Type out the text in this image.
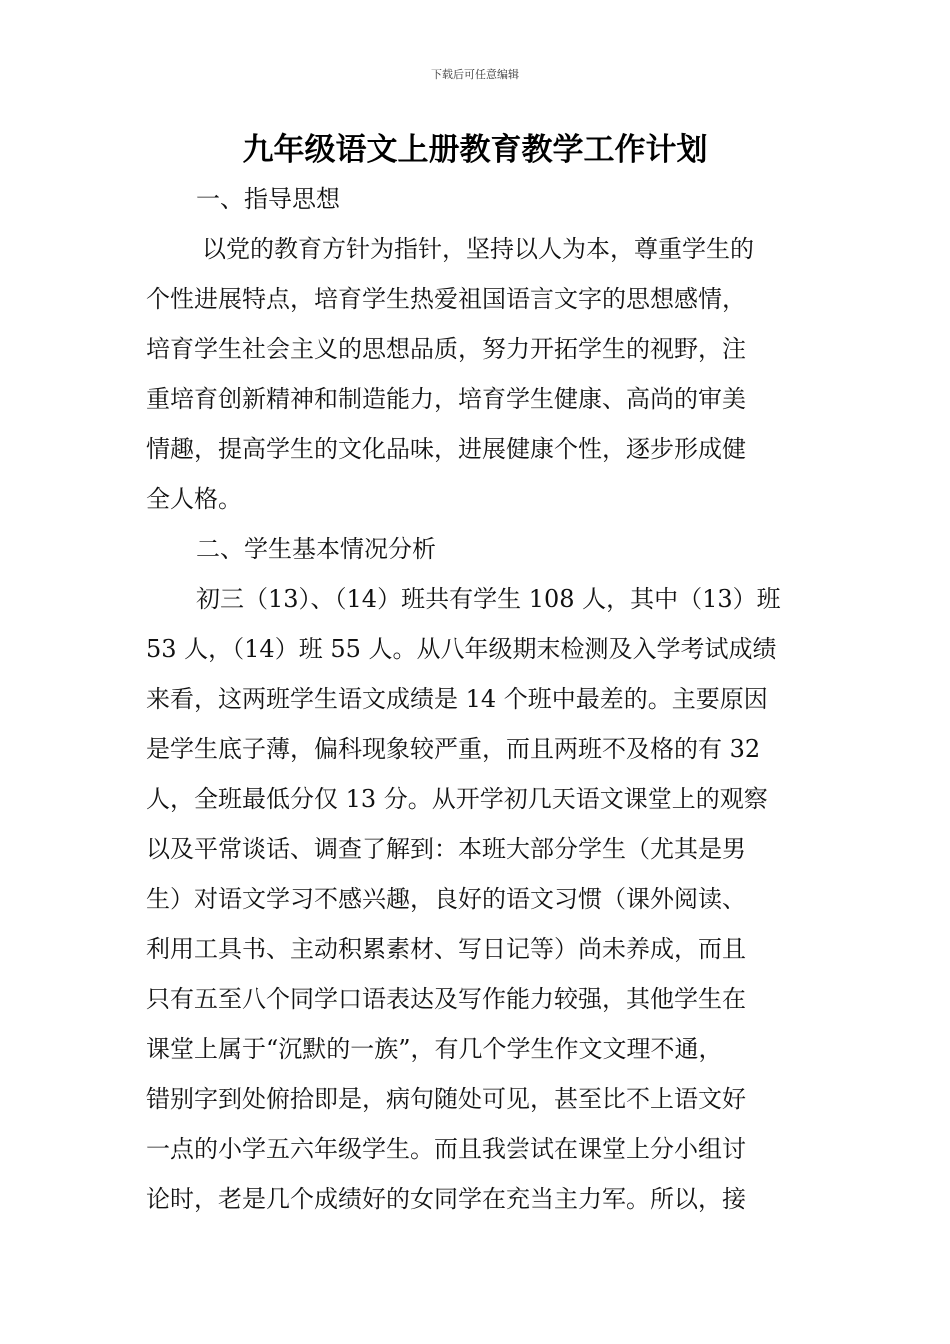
下载后可任意编辑
九年级语文上册教育教学工作计划

一、指导思想

以党的教育方针为指针，坚持以人为本，尊重学生的

个性进展特点，培育学生热爱祖国语言文字的思想感情，

培育学生社会主义的思想品质，努力开拓学生的视野，注

重培育创新精神和制造能力，培育学生健康、高尚的审美

情趣，提高学生的文化品味，进展健康个性，逐步形成健

全人格。

二、学生基本情况分析

初三（13）、（14）班共有学生 108 人，其中（13）班

53 人，（14）班 55 人。从八年级期末检测及入学考试成绩

来看，这两班学生语文成绩是 14 个班中最差的。主要原因

是学生底子薄，偏科现象较严重，而且两班不及格的有 32

人，全班最低分仅 13 分。从开学初几天语文课堂上的观察

以及平常谈话、调查了解到：本班大部分学生（尤其是男

生）对语文学习不感兴趣，良好的语文习惯（课外阅读、

利用工具书、主动积累素材、写日记等）尚未养成，而且

只有五至八个同学口语表达及写作能力较强，其他学生在

课堂上属于“沉默的一族”，有几个学生作文文理不通，

错别字到处俯拾即是，病句随处可见，甚至比不上语文好

一点的小学五六年级学生。而且我尝试在课堂上分小组讨

论时，老是几个成绩好的女同学在充当主力军。所以，接
